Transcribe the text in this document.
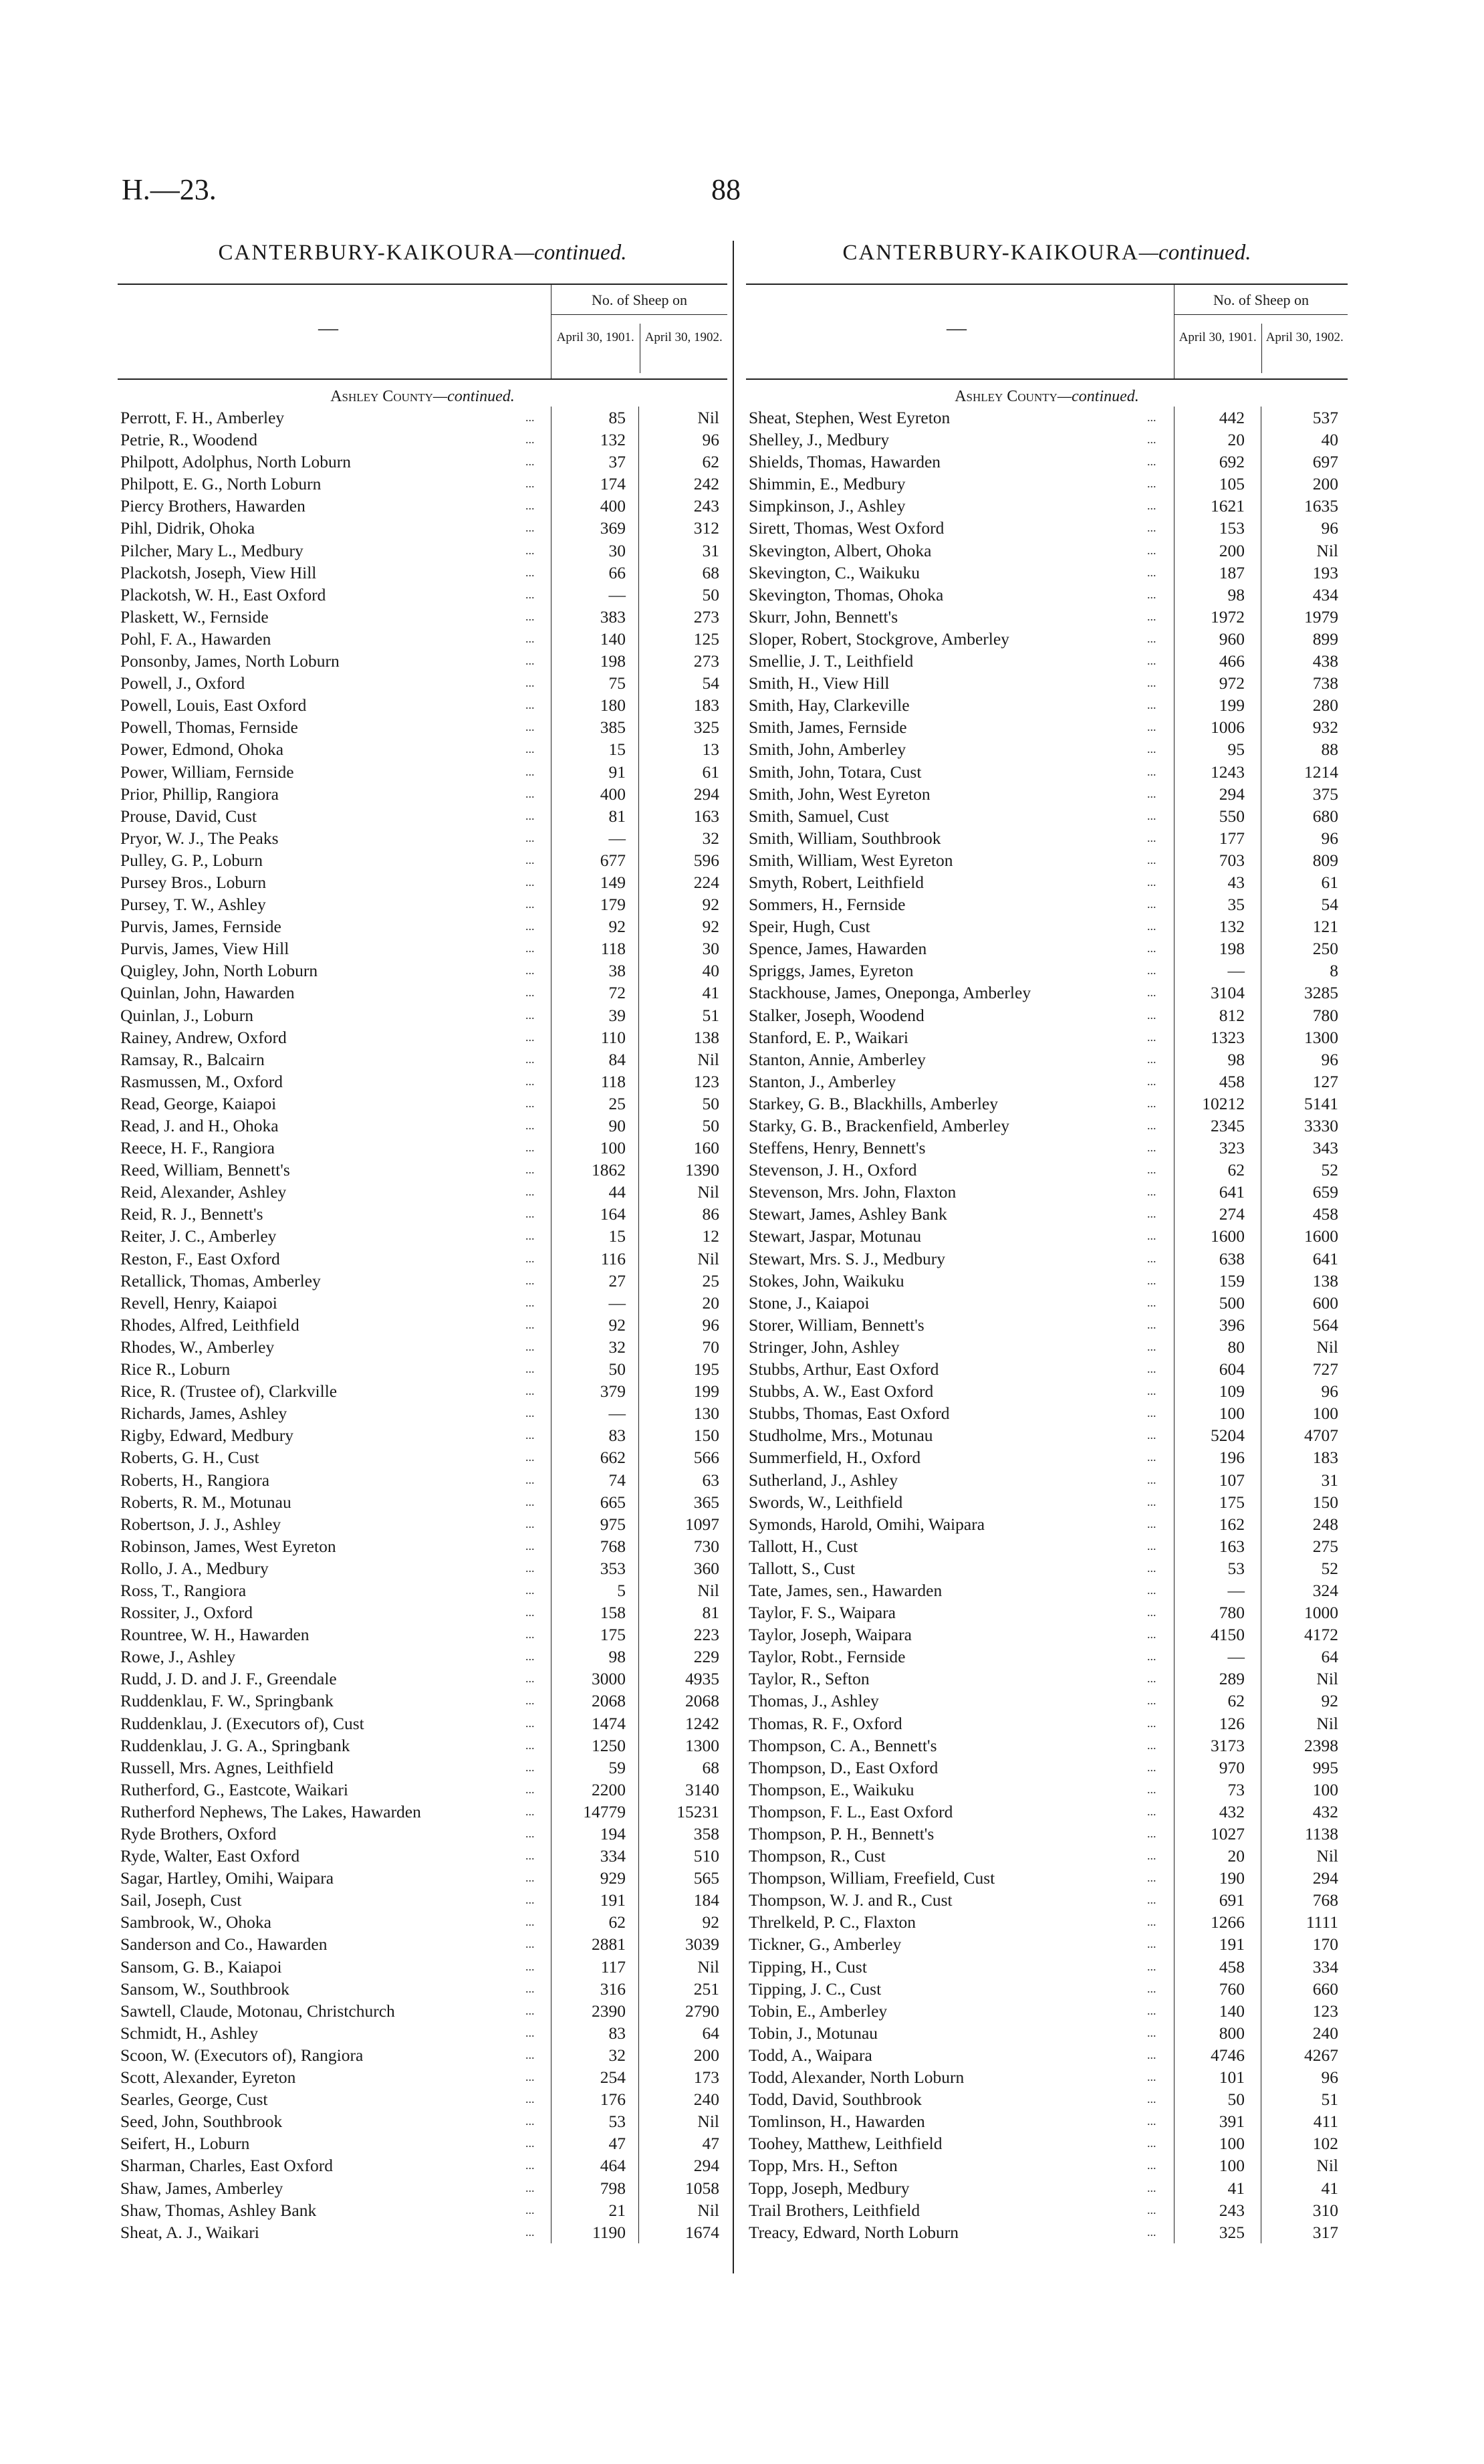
H.—23.	88
CANTERBURY-KAIKOURA—continued.
—
No. of Sheep on
April 30, 1901. April 30, 1902.
Ashley County—continued.
Perrott, F. H., Amberley	...	85	Nil
Petrie, R., Woodend	...	132	96
Philpott, Adolphus, North Loburn	...	37	62
Philpott, E. G., North Loburn	...	174	242
Piercy Brothers, Hawarden	...	400	243
Pihl, Didrik, Ohoka	...	369	312
Pilcher, Mary L., Medbury	...	30	31
Plackotsh, Joseph, View Hill	...	66	68
Plackotsh, W. H., East Oxford	...	—	50
Plaskett, W., Fernside	...	383	273
Pohl, F. A., Hawarden	...	140	125
Ponsonby, James, North Loburn	...	198	273
Powell, J., Oxford	...	75	54
Powell, Louis, East Oxford	...	180	183
Powell, Thomas, Fernside	...	385	325
Power, Edmond, Ohoka	...	15	13
Power, William, Fernside	...	91	61
Prior, Phillip, Rangiora	...	400	294
Prouse, David, Cust	...	81	163
Pryor, W. J., The Peaks	...	—	32
Pulley, G. P., Loburn	...	677	596
Pursey Bros., Loburn	...	149	224
Pursey, T. W., Ashley	...	179	92
Purvis, James, Fernside	...	92	92
Purvis, James, View Hill	...	118	30
Quigley, John, North Loburn	...	38	40
Quinlan, John, Hawarden	...	72	41
Quinlan, J., Loburn	...	39	51
Rainey, Andrew, Oxford	...	110	138
Ramsay, R., Balcairn	...	84	Nil
Rasmussen, M., Oxford	...	118	123
Read, George, Kaiapoi	...	25	50
Read, J. and H., Ohoka	...	90	50
Reece, H. F., Rangiora	...	100	160
Reed, William, Bennett's	...	1862	1390
Reid, Alexander, Ashley	...	44	Nil
Reid, R. J., Bennett's	...	164	86
Reiter, J. C., Amberley	...	15	12
Reston, F., East Oxford	...	116	Nil
Retallick, Thomas, Amberley	...	27	25
Revell, Henry, Kaiapoi	...	—	20
Rhodes, Alfred, Leithfield	...	92	96
Rhodes, W., Amberley	...	32	70
Rice R., Loburn	...	50	195
Rice, R. (Trustee of), Clarkville	...	379	199
Richards, James, Ashley	...	—	130
Rigby, Edward, Medbury	...	83	150
Roberts, G. H., Cust	...	662	566
Roberts, H., Rangiora	...	74	63
Roberts, R. M., Motunau	...	665	365
Robertson, J. J., Ashley	...	975	1097
Robinson, James, West Eyreton	...	768	730
Rollo, J. A., Medbury	...	353	360
Ross, T., Rangiora	...	5	Nil
Rossiter, J., Oxford	...	158	81
Rountree, W. H., Hawarden	...	175	223
Rowe, J., Ashley	...	98	229
Rudd, J. D. and J. F., Greendale	...	3000	4935
Ruddenklau, F. W., Springbank	...	2068	2068
Ruddenklau, J. (Executors of), Cust	...	1474	1242
Ruddenklau, J. G. A., Springbank	...	1250	1300
Russell, Mrs. Agnes, Leithfield	...	59	68
Rutherford, G., Eastcote, Waikari	...	2200	3140
Rutherford Nephews, The Lakes, Hawarden	...	14779	15231
Ryde Brothers, Oxford	...	194	358
Ryde, Walter, East Oxford	...	334	510
Sagar, Hartley, Omihi, Waipara	...	929	565
Sail, Joseph, Cust	...	191	184
Sambrook, W., Ohoka	...	62	92
Sanderson and Co., Hawarden	...	2881	3039
Sansom, G. B., Kaiapoi	...	117	Nil
Sansom, W., Southbrook	...	316	251
Sawtell, Claude, Motonau, Christchurch	...	2390	2790
Schmidt, H., Ashley	...	83	64
Scoon, W. (Executors of), Rangiora	...	32	200
Scott, Alexander, Eyreton	...	254	173
Searles, George, Cust	...	176	240
Seed, John, Southbrook	...	53	Nil
Seifert, H., Loburn	...	47	47
Sharman, Charles, East Oxford	...	464	294
Shaw, James, Amberley	...	798	1058
Shaw, Thomas, Ashley Bank	...	21	Nil
Sheat, A. J., Waikari	...	1190	1674
CANTERBURY-KAIKOURA—continued.
—
No. of Sheep on
April 30, 1901. April 30, 1902.
Ashley County—continued.
Sheat, Stephen, West Eyreton	...	442	537
Shelley, J., Medbury	...	20	40
Shields, Thomas, Hawarden	...	692	697
Shimmin, E., Medbury	...	105	200
Simpkinson, J., Ashley	...	1621	1635
Sirett, Thomas, West Oxford	...	153	96
Skevington, Albert, Ohoka	...	200	Nil
Skevington, C., Waikuku	...	187	193
Skevington, Thomas, Ohoka	...	98	434
Skurr, John, Bennett's	...	1972	1979
Sloper, Robert, Stockgrove, Amberley	...	960	899
Smellie, J. T., Leithfield	...	466	438
Smith, H., View Hill	...	972	738
Smith, Hay, Clarkeville	...	199	280
Smith, James, Fernside	...	1006	932
Smith, John, Amberley	...	95	88
Smith, John, Totara, Cust	...	1243	1214
Smith, John, West Eyreton	...	294	375
Smith, Samuel, Cust	...	550	680
Smith, William, Southbrook	...	177	96
Smith, William, West Eyreton	...	703	809
Smyth, Robert, Leithfield	...	43	61
Sommers, H., Fernside	...	35	54
Speir, Hugh, Cust	...	132	121
Spence, James, Hawarden	...	198	250
Spriggs, James, Eyreton	...	—	8
Stackhouse, James, Oneponga, Amberley	...	3104	3285
Stalker, Joseph, Woodend	...	812	780
Stanford, E. P., Waikari	...	1323	1300
Stanton, Annie, Amberley	...	98	96
Stanton, J., Amberley	...	458	127
Starkey, G. B., Blackhills, Amberley	...	10212	5141
Starky, G. B., Brackenfield, Amberley	...	2345	3330
Steffens, Henry, Bennett's	...	323	343
Stevenson, J. H., Oxford	...	62	52
Stevenson, Mrs. John, Flaxton	...	641	659
Stewart, James, Ashley Bank	...	274	458
Stewart, Jaspar, Motunau	...	1600	1600
Stewart, Mrs. S. J., Medbury	...	638	641
Stokes, John, Waikuku	...	159	138
Stone, J., Kaiapoi	...	500	600
Storer, William, Bennett's	...	396	564
Stringer, John, Ashley	...	80	Nil
Stubbs, Arthur, East Oxford	...	604	727
Stubbs, A. W., East Oxford	...	109	96
Stubbs, Thomas, East Oxford	...	100	100
Studholme, Mrs., Motunau	...	5204	4707
Summerfield, H., Oxford	...	196	183
Sutherland, J., Ashley	...	107	31
Swords, W., Leithfield	...	175	150
Symonds, Harold, Omihi, Waipara	...	162	248
Tallott, H., Cust	...	163	275
Tallott, S., Cust	...	53	52
Tate, James, sen., Hawarden	...	—	324
Taylor, F. S., Waipara	...	780	1000
Taylor, Joseph, Waipara	...	4150	4172
Taylor, Robt., Fernside	...	—	64
Taylor, R., Sefton	...	289	Nil
Thomas, J., Ashley	...	62	92
Thomas, R. F., Oxford	...	126	Nil
Thompson, C. A., Bennett's	...	3173	2398
Thompson, D., East Oxford	...	970	995
Thompson, E., Waikuku	...	73	100
Thompson, F. L., East Oxford	...	432	432
Thompson, P. H., Bennett's	...	1027	1138
Thompson, R., Cust	...	20	Nil
Thompson, William, Freefield, Cust	...	190	294
Thompson, W. J. and R., Cust	...	691	768
Threlkeld, P. C., Flaxton	...	1266	1111
Tickner, G., Amberley	...	191	170
Tipping, H., Cust	...	458	334
Tipping, J. C., Cust	...	760	660
Tobin, E., Amberley	...	140	123
Tobin, J., Motunau	...	800	240
Todd, A., Waipara	...	4746	4267
Todd, Alexander, North Loburn	...	101	96
Todd, David, Southbrook	...	50	51
Tomlinson, H., Hawarden	...	391	411
Toohey, Matthew, Leithfield	...	100	102
Topp, Mrs. H., Sefton	...	100	Nil
Topp, Joseph, Medbury	...	41	41
Trail Brothers, Leithfield	...	243	310
Treacy, Edward, North Loburn	...	325	317
